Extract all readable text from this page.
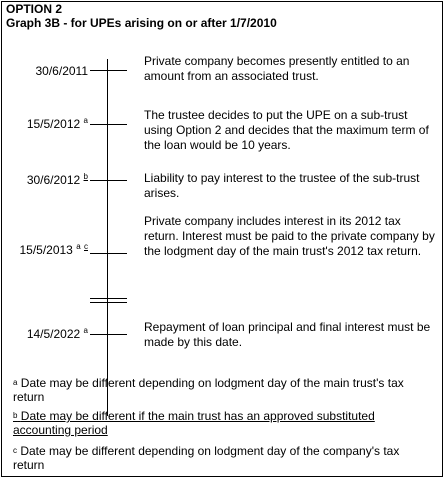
OPTION 2
Graph 3B - for UPEs arising on or after 1/7/2010
30/6/2011
15/5/2012 $^a$
30/6/2012 $^b$
15/5/2013 $^a$ $^c$
14/5/2022 $^a$
Private company becomes presently entitled to an amount from an associated trust.
The trustee decides to put the UPE on a sub-trust using Option 2 and decides that the maximum term of the loan would be 10 years.
Liability to pay interest to the trustee of the sub-trust arises.
Private company includes interest in its 2012 tax return. Interest must be paid to the private company by the lodgment day of the main trust's 2012 tax return.
Repayment of loan principal and final interest must be made by this date.
$^a$ Date may be different depending on lodgment day of the main trust's tax return
$^b$ Date may be different if the main trust has an approved substituted accounting period
$^c$ Date may be different depending on lodgment day of the company's tax return
